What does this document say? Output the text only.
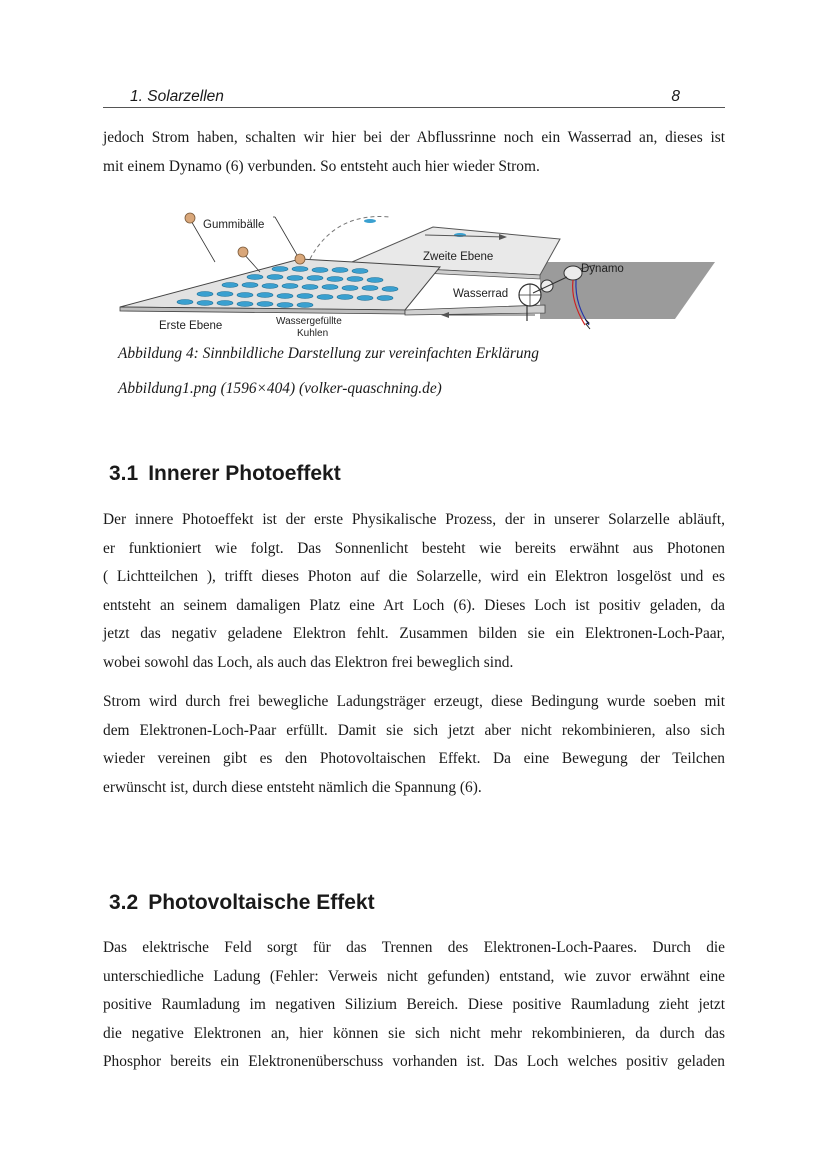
1. Solarzellen	8
jedoch Strom haben, schalten wir hier bei der Abflussrinne noch ein Wasserrad an, dieses ist
mit einem Dynamo (6) verbunden. So entsteht auch hier wieder Strom.
Gummibälle
Zweite Ebene
Dynamo
Wasserrad
Erste Ebene	Wassergefüllte
Kuhlen
Abbildung 4: Sinnbildliche Darstellung zur vereinfachten Erklärung
Abbildung1.png (1596×404) (volker-quaschning.de)
3.1 Innerer Photoeffekt
Der innere Photoeffekt ist der erste Physikalische Prozess, der in unserer Solarzelle abläuft,
er funktioniert wie folgt. Das Sonnenlicht besteht wie bereits erwähnt aus Photonen
( Lichtteilchen ), trifft dieses Photon auf die Solarzelle, wird ein Elektron losgelöst und es
entsteht an seinem damaligen Platz eine Art Loch (6). Dieses Loch ist positiv geladen, da
jetzt das negativ geladene Elektron fehlt. Zusammen bilden sie ein Elektronen-Loch-Paar,
wobei sowohl das Loch, als auch das Elektron frei beweglich sind.
Strom wird durch frei bewegliche Ladungsträger erzeugt, diese Bedingung wurde soeben mit
dem Elektronen-Loch-Paar erfüllt. Damit sie sich jetzt aber nicht rekombinieren, also sich
wieder vereinen gibt es den Photovoltaischen Effekt. Da eine Bewegung der Teilchen
erwünscht ist, durch diese entsteht nämlich die Spannung (6).
3.2 Photovoltaische Effekt
Das elektrische Feld sorgt für das Trennen des Elektronen-Loch-Paares. Durch die
unterschiedliche Ladung (Fehler: Verweis nicht gefunden) entstand, wie zuvor erwähnt eine
positive Raumladung im negativen Silizium Bereich. Diese positive Raumladung zieht jetzt
die negative Elektronen an, hier können sie sich nicht mehr rekombinieren, da durch das
Phosphor bereits ein Elektronenüberschuss vorhanden ist. Das Loch welches positiv geladen
